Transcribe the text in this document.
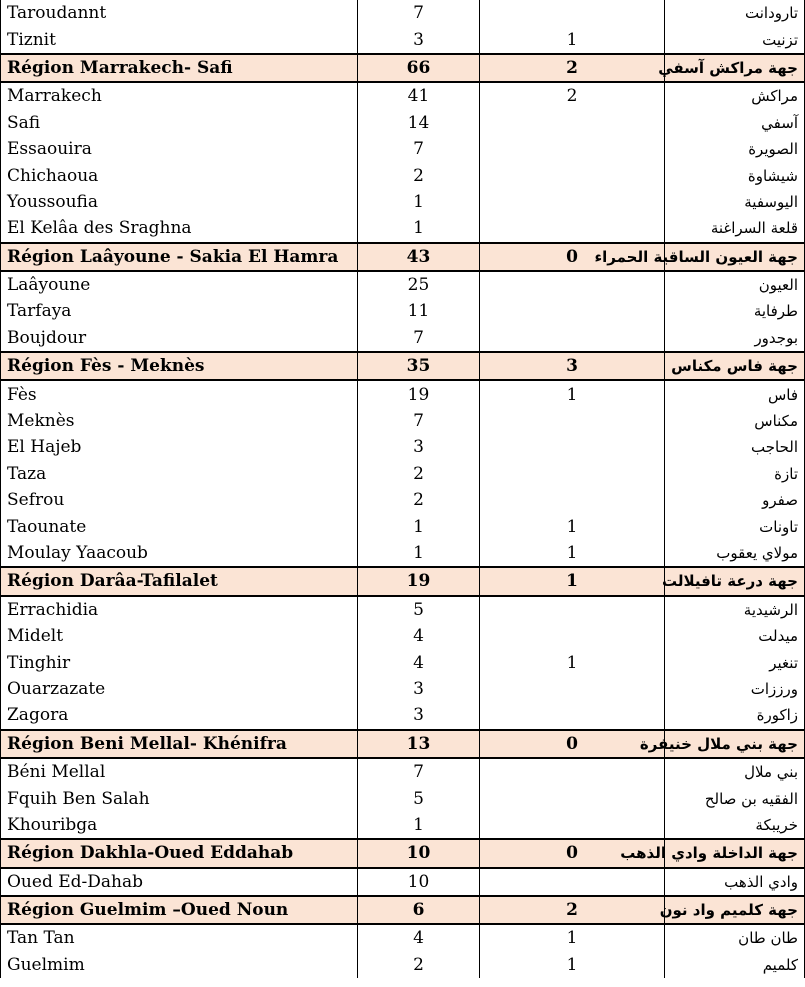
Taroudannt	7		تارودانت
Tiznit	3	1	تزنيت
Région Marrakech- Safi	66	2	جهة مراكش آسفي
Marrakech	41	2	مراكش
Safi	14		آسفي
Essaouira	7		الصويرة
Chichaoua	2		شيشاوة
Youssoufia	1		اليوسفية
El Kelâa des Sraghna	1		قلعة السراغنة
Région Laâyoune - Sakia El Hamra	43	0	جهة العيون الساقية الحمراء
Laâyoune	25		العيون
Tarfaya	11		طرفاية
Boujdour	7		بوجدور
Région Fès - Meknès	35	3	جهة فاس مكناس
Fès	19	1	فاس
Meknès	7		مكناس
El Hajeb	3		الحاجب
Taza	2		تازة
Sefrou	2		صفرو
Taounate	1	1	تاونات
Moulay Yaacoub	1	1	مولاي يعقوب
Région Darâa-Tafilalet	19	1	جهة درعة تافيلالت
Errachidia	5		الرشيدية
Midelt	4		ميدلت
Tinghir	4	1	تنغير
Ouarzazate	3		ورززات
Zagora	3		زاكورة
Région Beni Mellal- Khénifra	13	0	جهة بني ملال خنيفرة
Béni Mellal	7		بني ملال
Fquih Ben Salah	5		الفقيه بن صالح
Khouribga	1		خريبكة
Région Dakhla-Oued Eddahab	10	0	جهة الداخلة وادي الذهب
Oued Ed-Dahab	10		وادي الذهب
Région Guelmim –Oued Noun	6	2	جهة كلميم واد نون
Tan Tan	4	1	طان طان
Guelmim	2	1	كلميم
